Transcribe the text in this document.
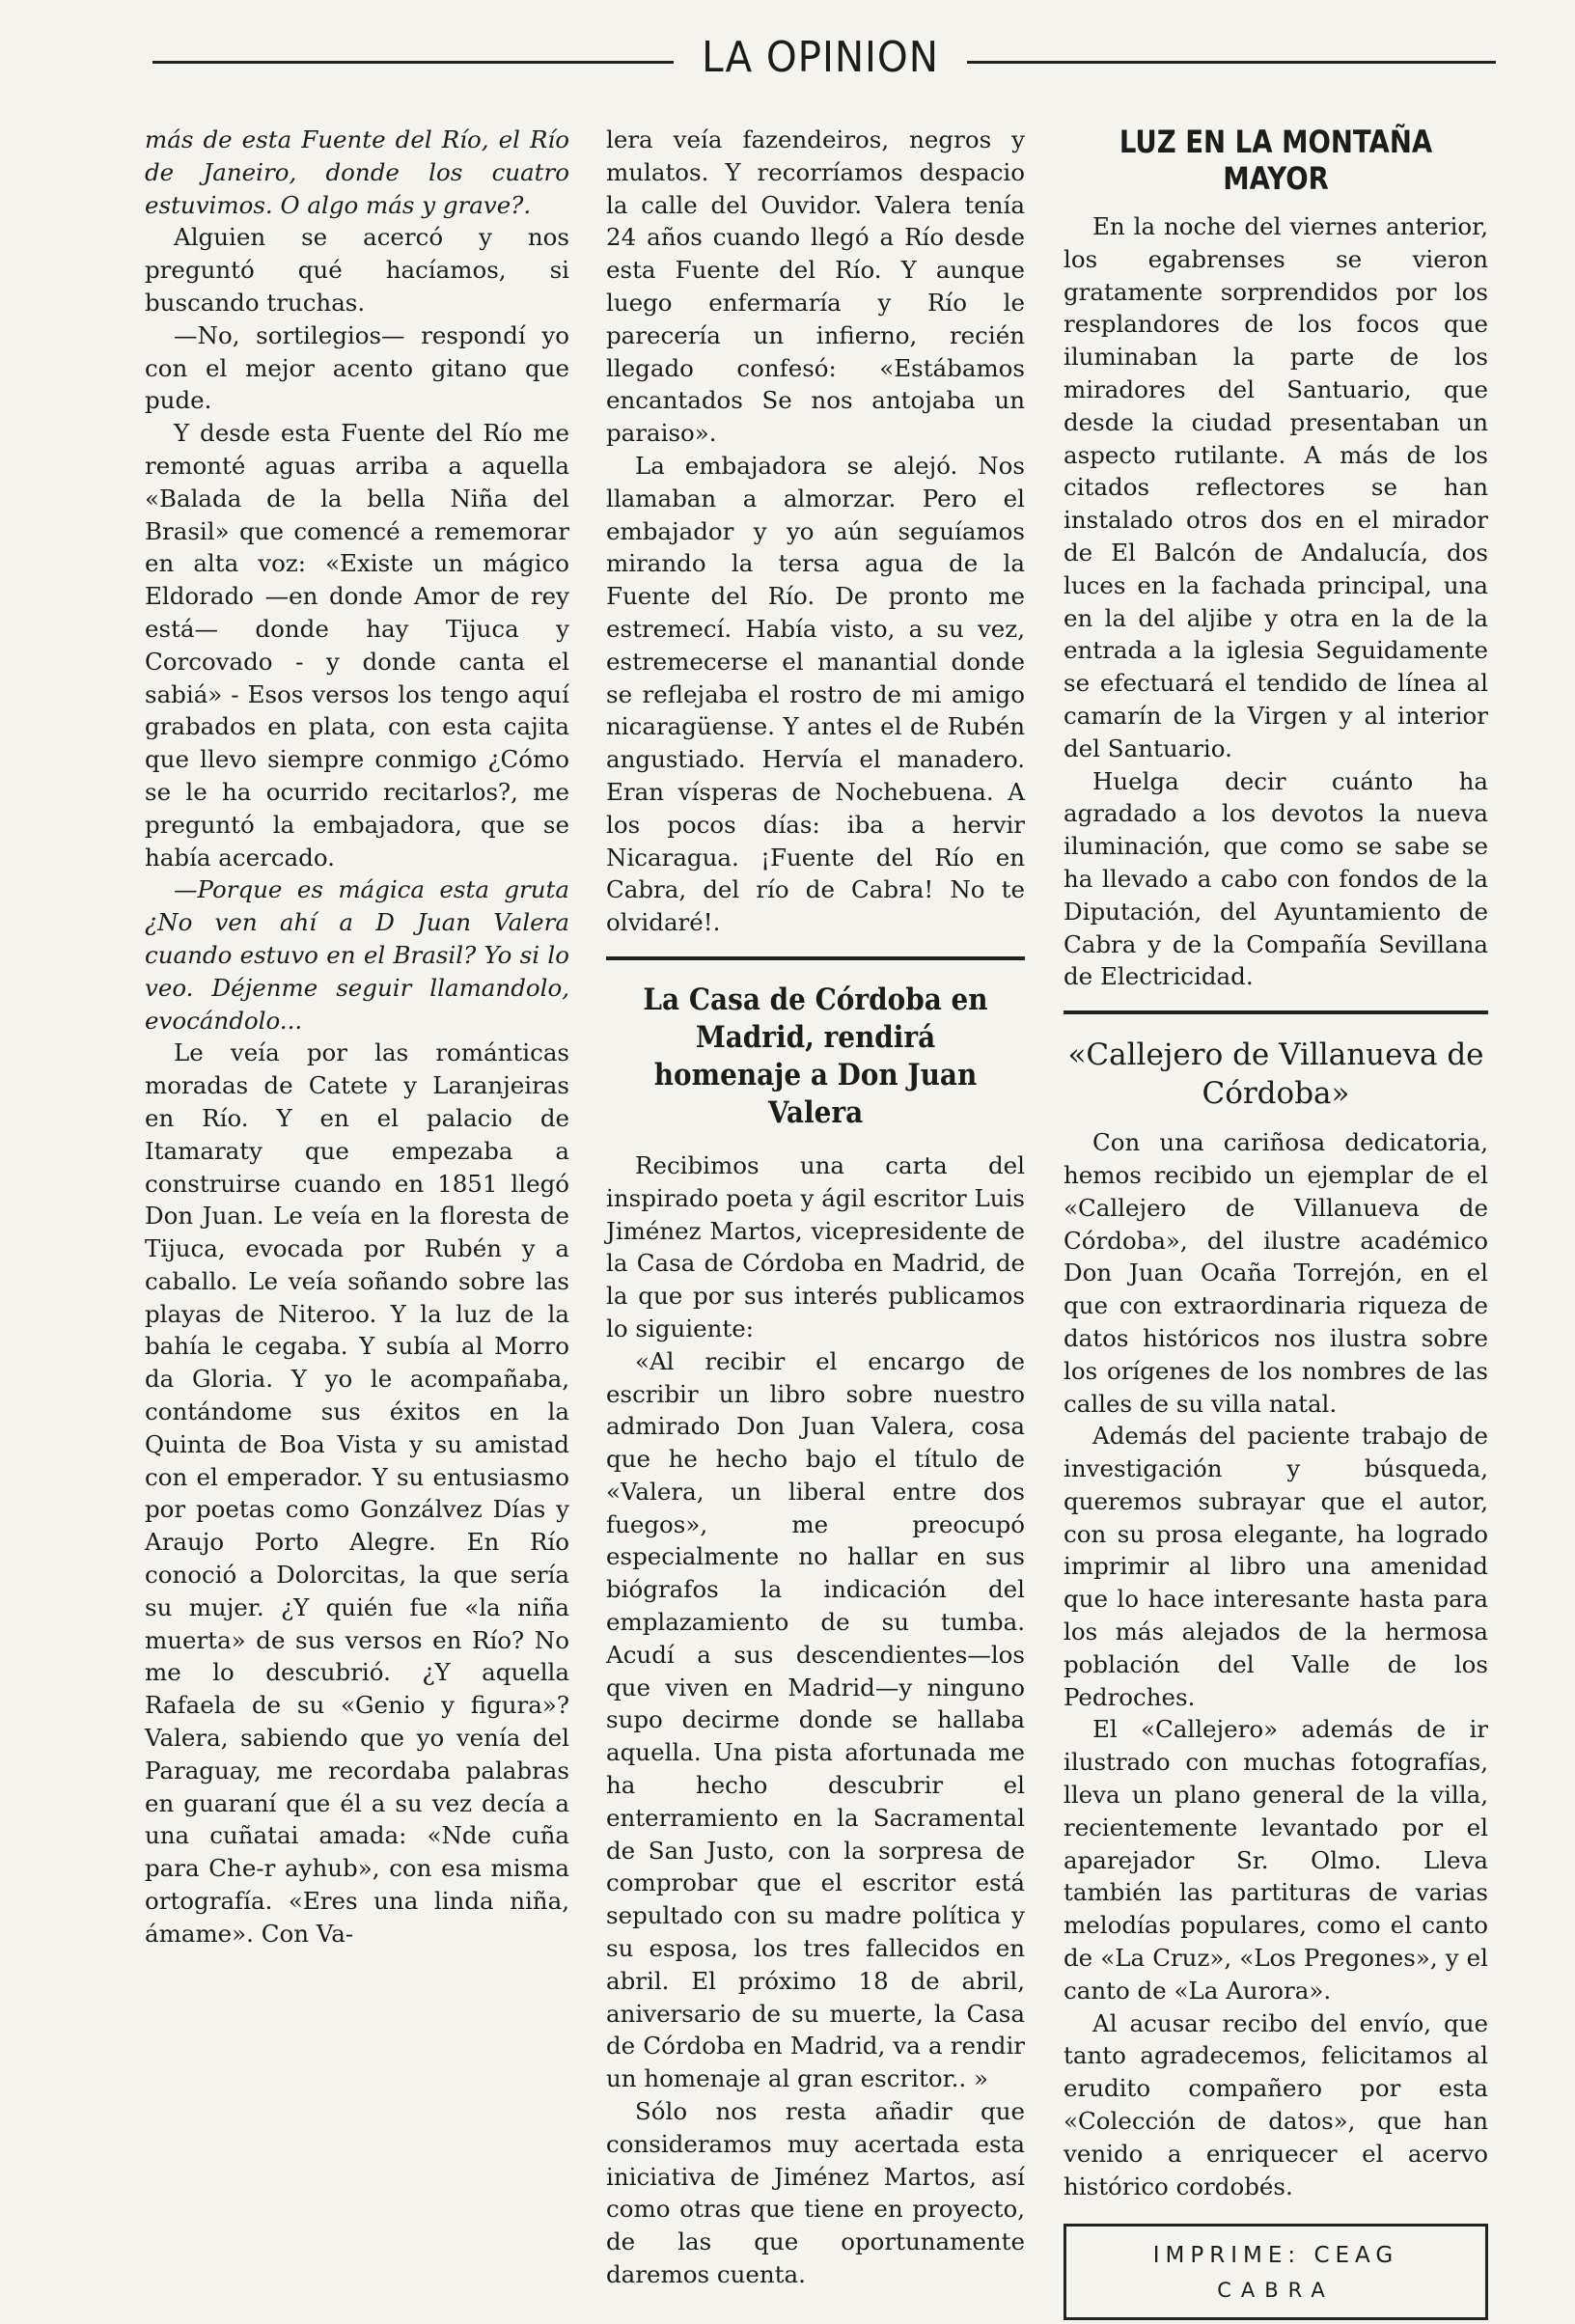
LA OPINION

más de esta Fuente del Río, el Río de Janeiro, donde los cuatro estuvimos. O algo más y grave?.

Alguien se acercó y nos preguntó qué hacíamos, si buscando truchas.

—No, sortilegios— respondí yo con el mejor acento gitano que pude.

Y desde esta Fuente del Río me remonté aguas arriba a aquella «Balada de la bella Niña del Brasil» que comencé a rememorar en alta voz: «Existe un mágico Eldorado —en donde Amor de rey está— donde hay Tijuca y Corcovado - y donde canta el sabiá» - Esos versos los tengo aquí grabados en plata, con esta cajita que llevo siempre conmigo ¿Cómo se le ha ocurrido recitarlos?, me preguntó la embajadora, que se había acercado.

—Porque es mágica esta gruta ¿No ven ahí a D Juan Valera cuando estuvo en el Brasil? Yo si lo veo. Déjenme seguir llamandolo, evocándolo...

Le veía por las románticas moradas de Catete y Laranjeiras en Río. Y en el palacio de Itamaraty que empezaba a construirse cuando en 1851 llegó Don Juan. Le veía en la floresta de Tijuca, evocada por Rubén y a caballo. Le veía soñando sobre las playas de Niteroo. Y la luz de la bahía le cegaba. Y subía al Morro da Gloria. Y yo le acompañaba, contándome sus éxitos en la Quinta de Boa Vista y su amistad con el emperador. Y su entusiasmo por poetas como Gonzálvez Días y Araujo Porto Alegre. En Río conoció a Dolorcitas, la que sería su mujer. ¿Y quién fue «la niña muerta» de sus versos en Río? No me lo descubrió. ¿Y aquella Rafaela de su «Genio y figura»? Valera, sabiendo que yo venía del Paraguay, me recordaba palabras en guaraní que él a su vez decía a una cuñatai amada: «Nde cuña para Che-r ayhub», con esa misma ortografía. «Eres una linda niña, ámame». Con Va-

lera veía fazendeiros, negros y mulatos. Y recorríamos despacio la calle del Ouvidor. Valera tenía 24 años cuando llegó a Río desde esta Fuente del Río. Y aunque luego enfermaría y Río le parecería un infierno, recién llegado confesó: «Estábamos encantados Se nos antojaba un paraiso».

La embajadora se alejó. Nos llamaban a almorzar. Pero el embajador y yo aún seguíamos mirando la tersa agua de la Fuente del Río. De pronto me estremecí. Había visto, a su vez, estremecerse el manantial donde se reflejaba el rostro de mi amigo nicaragüense. Y antes el de Rubén angustiado. Hervía el manadero. Eran vísperas de Nochebuena. A los pocos días: iba a hervir Nicaragua. ¡Fuente del Río en Cabra, del río de Cabra! No te olvidaré!.

La Casa de Córdoba en Madrid, rendirá homenaje a Don Juan Valera

Recibimos una carta del inspirado poeta y ágil escritor Luis Jiménez Martos, vicepresidente de la Casa de Córdoba en Madrid, de la que por sus interés publicamos lo siguiente:

«Al recibir el encargo de escribir un libro sobre nuestro admirado Don Juan Valera, cosa que he hecho bajo el título de «Valera, un liberal entre dos fuegos», me preocupó especialmente no hallar en sus biógrafos la indicación del emplazamiento de su tumba. Acudí a sus descendientes—los que viven en Madrid—y ninguno supo decirme donde se hallaba aquella. Una pista afortunada me ha hecho descubrir el enterramiento en la Sacramental de San Justo, con la sorpresa de comprobar que el escritor está sepultado con su madre política y su esposa, los tres fallecidos en abril. El próximo 18 de abril, aniversario de su muerte, la Casa de Córdoba en Madrid, va a rendir un homenaje al gran escritor.. »

Sólo nos resta añadir que consideramos muy acertada esta iniciativa de Jiménez Martos, así como otras que tiene en proyecto, de las que oportunamente daremos cuenta.

LUZ EN LA MONTAÑA MAYOR

En la noche del viernes anterior, los egabrenses se vieron gratamente sorprendidos por los resplandores de los focos que iluminaban la parte de los miradores del Santuario, que desde la ciudad presentaban un aspecto rutilante. A más de los citados reflectores se han instalado otros dos en el mirador de El Balcón de Andalucía, dos luces en la fachada principal, una en la del aljibe y otra en la de la entrada a la iglesia Seguidamente se efectuará el tendido de línea al camarín de la Virgen y al interior del Santuario.

Huelga decir cuánto ha agradado a los devotos la nueva iluminación, que como se sabe se ha llevado a cabo con fondos de la Diputación, del Ayuntamiento de Cabra y de la Compañía Sevillana de Electricidad.

«Callejero de Villanueva de Córdoba»

Con una cariñosa dedicatoria, hemos recibido un ejemplar de el «Callejero de Villanueva de Córdoba», del ilustre académico Don Juan Ocaña Torrejón, en el que con extraordinaria riqueza de datos históricos nos ilustra sobre los orígenes de los nombres de las calles de su villa natal.

Además del paciente trabajo de investigación y búsqueda, queremos subrayar que el autor, con su prosa elegante, ha logrado imprimir al libro una amenidad que lo hace interesante hasta para los más alejados de la hermosa población del Valle de los Pedroches.

El «Callejero» además de ir ilustrado con muchas fotografías, lleva un plano general de la villa, recientemente levantado por el aparejador Sr. Olmo. Lleva también las partituras de varias melodías populares, como el canto de «La Cruz», «Los Pregones», y el canto de «La Aurora».

Al acusar recibo del envío, que tanto agradecemos, felicitamos al erudito compañero por esta «Colección de datos», que han venido a enriquecer el acervo histórico cordobés.

IMPRIME: CEAG
CABRA
